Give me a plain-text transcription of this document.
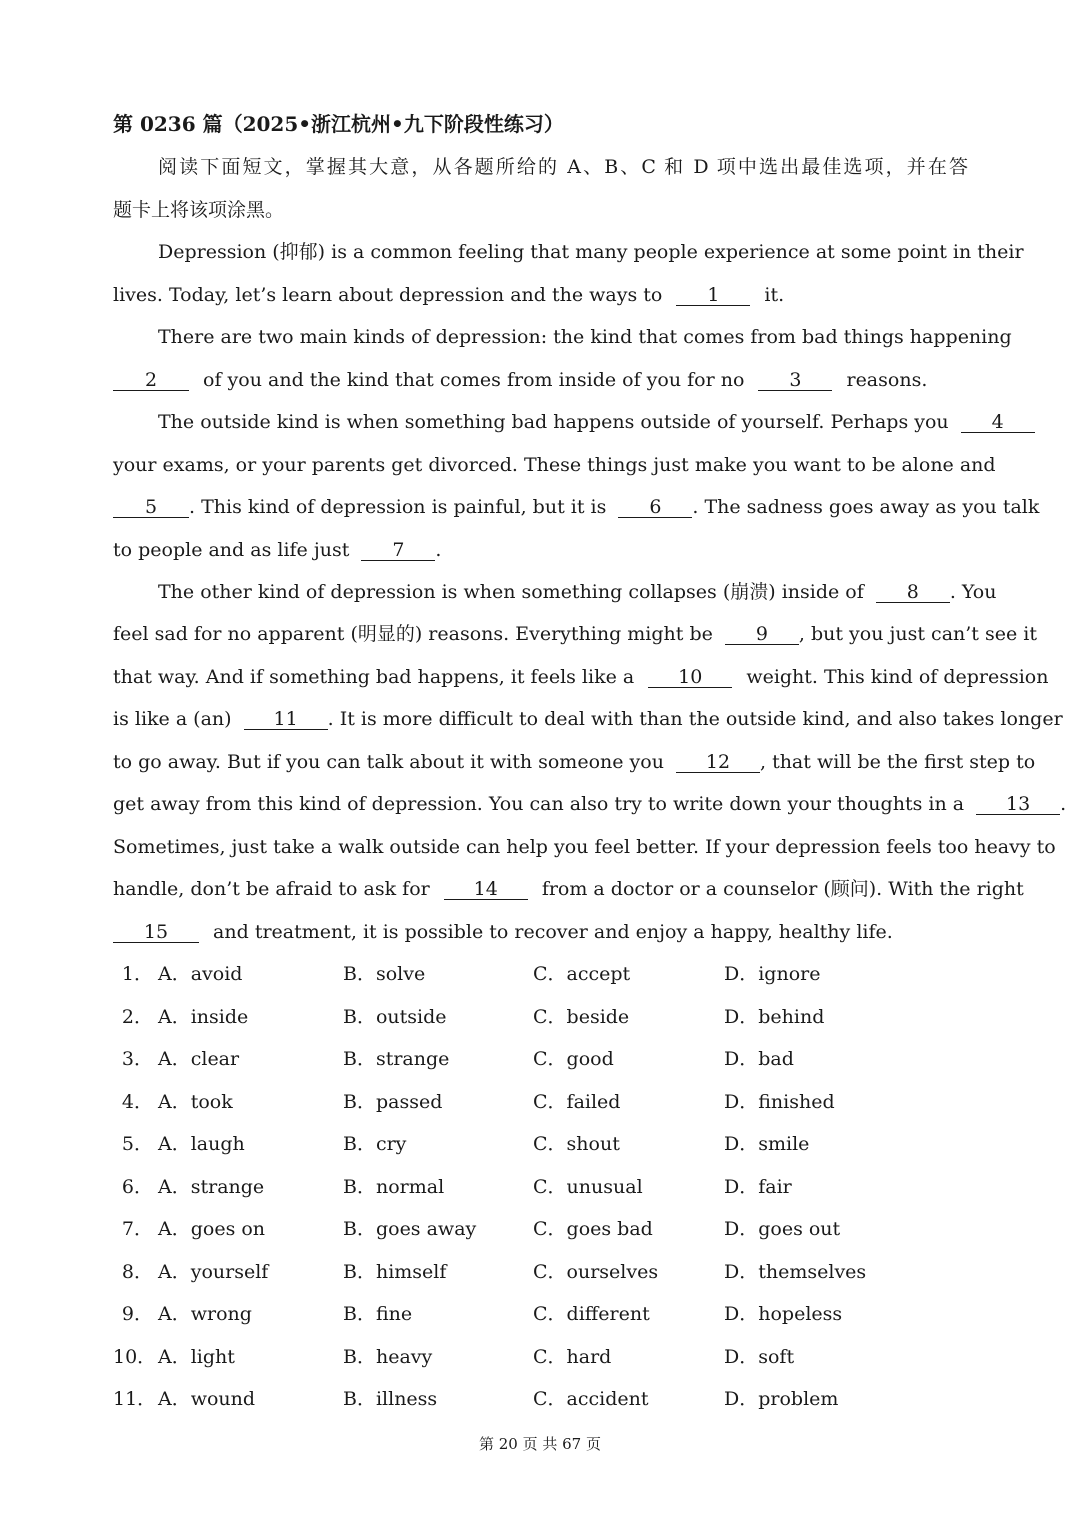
第 0236 篇（2025•浙江杭州•九下阶段性练习）
阅读下面短文，掌握其大意，从各题所给的 A、B、C 和 D 项中选出最佳选项，并在答
题卡上将该项涂黑。
Depression (抑郁) is a common feeling that many people experience at some point in their
lives. Today, let’s learn about depression and the ways to 1 it.
There are two main kinds of depression: the kind that comes from bad things happening
2 of you and the kind that comes from inside of you for no 3 reasons.
The outside kind is when something bad happens outside of yourself. Perhaps you 4
your exams, or your parents get divorced. These things just make you want to be alone and
5 . This kind of depression is painful, but it is 6 . The sadness goes away as you talk
to people and as life just 7 .
The other kind of depression is when something collapses (崩溃) inside of 8 . You
feel sad for no apparent (明显的) reasons. Everything might be 9 , but you just can’t see it
that way. And if something bad happens, it feels like a 10 weight. This kind of depression
is like a (an) 11 . It is more difficult to deal with than the outside kind, and also takes longer
to go away. But if you can talk about it with someone you 12 , that will be the first step to
get away from this kind of depression. You can also try to write down your thoughts in a 13 .
Sometimes, just take a walk outside can help you feel better. If your depression feels too heavy to
handle, don’t be afraid to ask for 14 from a doctor or a counselor (顾问). With the right
15 and treatment, it is possible to recover and enjoy a happy, healthy life.
1． A．avoid	B．solve	C．accept	D．ignore
2． A．inside	B．outside	C．beside	D．behind
3． A．clear	B．strange	C．good	D．bad
4． A．took	B．passed	C．failed	D．finished
5． A．laugh	B．cry	C．shout	D．smile
6． A．strange	B．normal	C．unusual	D．fair
7． A．goes on	B．goes away	C．goes bad	D．goes out
8． A．yourself	B．himself	C．ourselves	D．themselves
9． A．wrong	B．fine	C．different	D．hopeless
10． A．light	B．heavy	C．hard	D．soft
11． A．wound	B．illness	C．accident	D．problem
第 20 页 共 67 页
